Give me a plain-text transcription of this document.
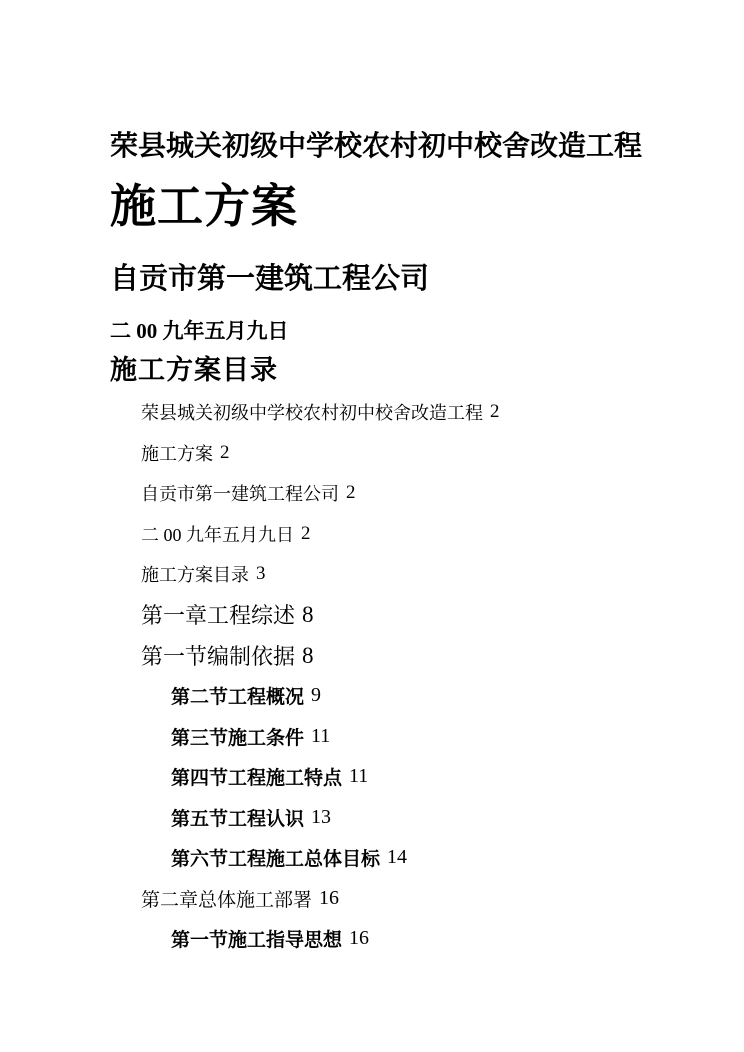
荣县城关初级中学校农村初中校舍改造工程
施工方案
自贡市第一建筑工程公司
二 00 九年五月九日
施工方案目录
荣县城关初级中学校农村初中校舍改造工程 2
施工方案 2
自贡市第一建筑工程公司 2
二 00 九年五月九日 2
施工方案目录 3
第一章工程综述 8
第一节编制依据 8
第二节工程概况 9
第三节施工条件 11
第四节工程施工特点 11
第五节工程认识 13
第六节工程施工总体目标 14
第二章总体施工部署 16
第一节施工指导思想 16
